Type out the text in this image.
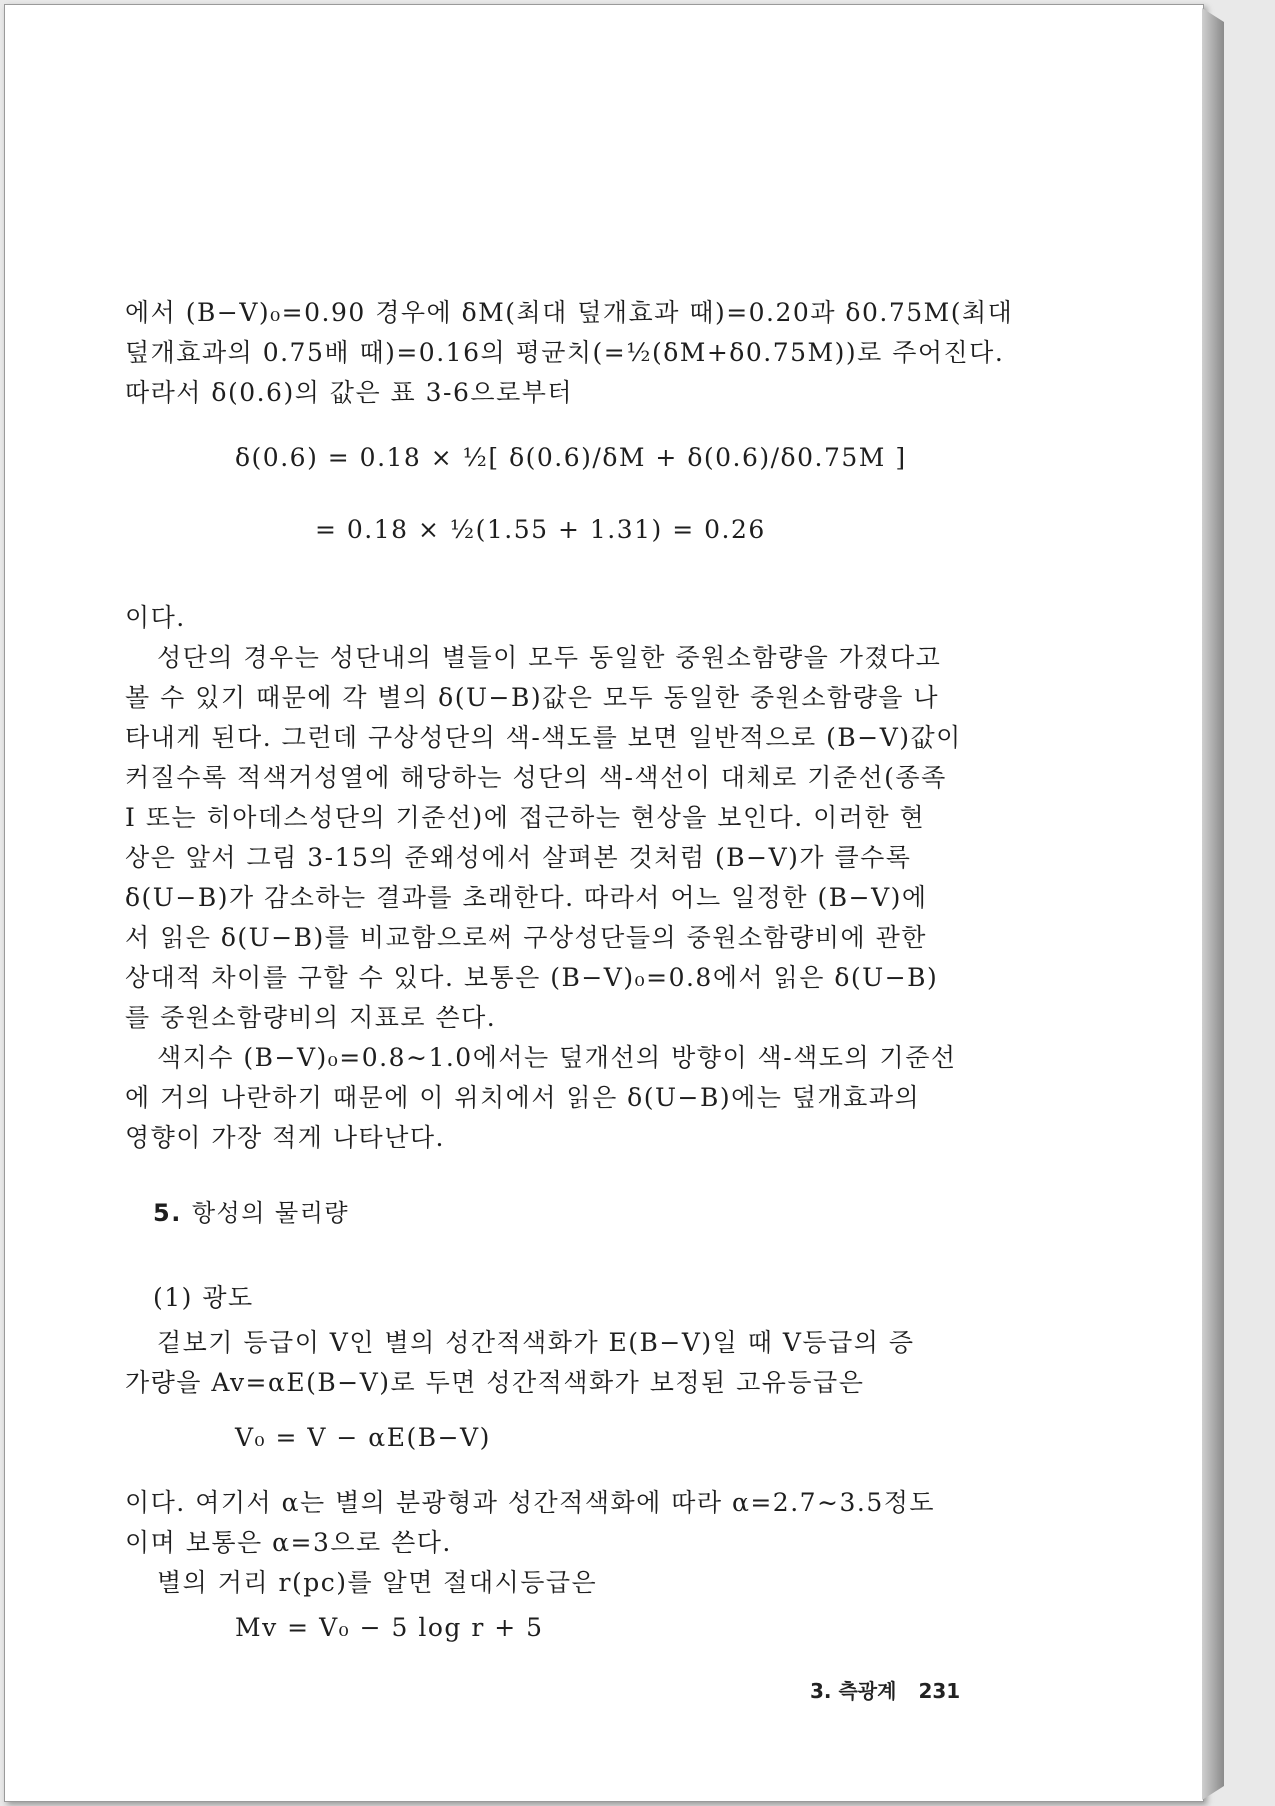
에서 (B−V)₀=0.90 경우에 δM(최대 덮개효과 때)=0.20과 δ0.75M(최대
덮개효과의 0.75배 때)=0.16의 평균치(=½(δM+δ0.75M))로 주어진다.
따라서 δ(0.6)의 값은 표 3-6으로부터
δ(0.6) = 0.18 × ½[ δ(0.6)/δM + δ(0.6)/δ0.75M ]
= 0.18 × ½(1.55 + 1.31) = 0.26
이다.
성단의 경우는 성단내의 별들이 모두 동일한 중원소함량을 가졌다고
볼 수 있기 때문에 각 별의 δ(U−B)값은 모두 동일한 중원소함량을 나
타내게 된다. 그런데 구상성단의 색-색도를 보면 일반적으로 (B−V)값이
커질수록 적색거성열에 해당하는 성단의 색-색선이 대체로 기준선(종족
I 또는 히아데스성단의 기준선)에 접근하는 현상을 보인다. 이러한 현
상은 앞서 그림 3-15의 준왜성에서 살펴본 것처럼 (B−V)가 클수록
δ(U−B)가 감소하는 결과를 초래한다. 따라서 어느 일정한 (B−V)에
서 읽은 δ(U−B)를 비교함으로써 구상성단들의 중원소함량비에 관한
상대적 차이를 구할 수 있다. 보통은 (B−V)₀=0.8에서 읽은 δ(U−B)
를 중원소함량비의 지표로 쓴다.
색지수 (B−V)₀=0.8∼1.0에서는 덮개선의 방향이 색-색도의 기준선
에 거의 나란하기 때문에 이 위치에서 읽은 δ(U−B)에는 덮개효과의
영향이 가장 적게 나타난다.
5. 항성의 물리량
(1) 광도
겉보기 등급이 V인 별의 성간적색화가 E(B−V)일 때 V등급의 증
가량을 Av=αE(B−V)로 두면 성간적색화가 보정된 고유등급은
V₀ = V − αE(B−V)
이다. 여기서 α는 별의 분광형과 성간적색화에 따라 α=2.7∼3.5정도
이며 보통은 α=3으로 쓴다.
별의 거리 r(pc)를 알면 절대시등급은
Mv = V₀ − 5 log r + 5
3. 측광계 231
